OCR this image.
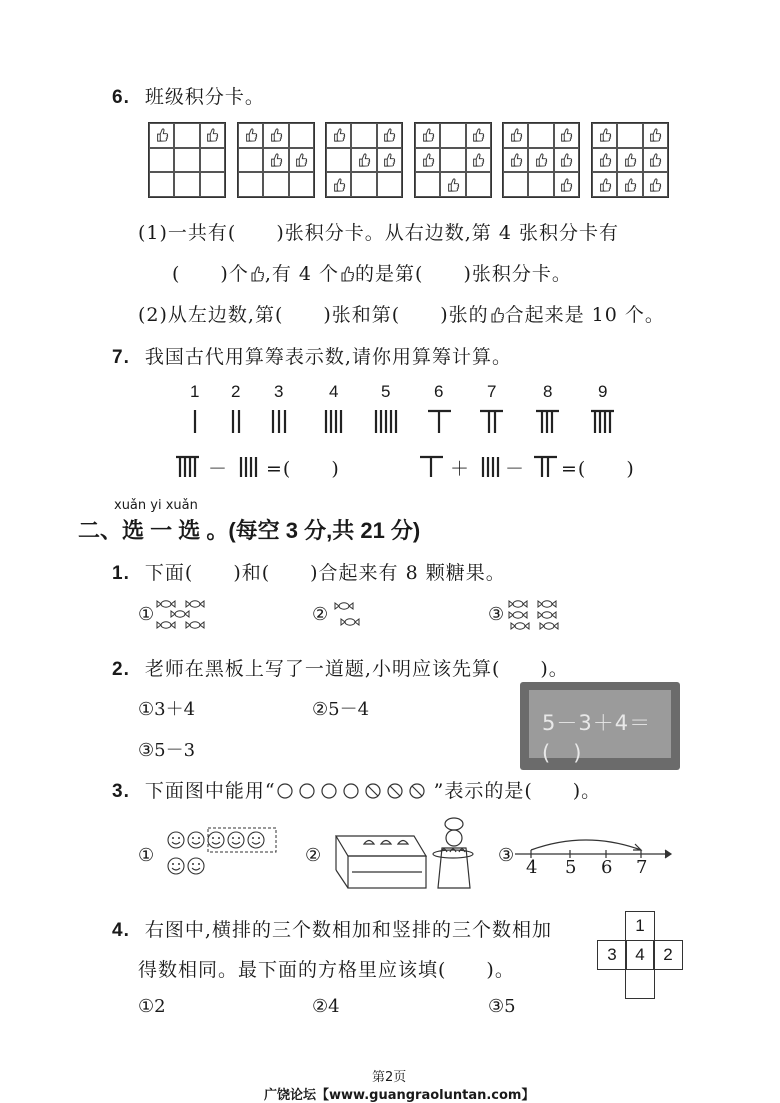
6. 班级积分卡。
(1)一共有(　　)张积分卡。从右边数,第 4 张积分卡有
(　　)个 ,有 4 个 的是第(　　)张积分卡。
(2)从左边数,第(　　)张和第(　　)张的 合起来是 10 个。
7. 我国古代用算筹表示数,请你用算筹计算。
1 2 3	4	5	6	7	8	9
－ =(　　)	＋ － =(　　)
xuǎn yi xuǎn
二、选 一 选 。(每空 3 分,共 21 分)
1. 下面(　　)和(　　)合起来有 8 颗糖果。
①	②	③
2. 老师在黑板上写了一道题,小明应该先算(　　)。
①3＋4	②5－4
③5－3
5－3＋4＝(　)
3. 下面图中能用“	”表示的是(　　)。
①	②	③
4 5 6 7
4. 右图中,横排的三个数相加和竖排的三个数相加
得数相同。最下面的方格里应该填(　　)。
①2	②4	③5
1
3	4	2
第2页
广饶论坛【www.guangraoluntan.com】
